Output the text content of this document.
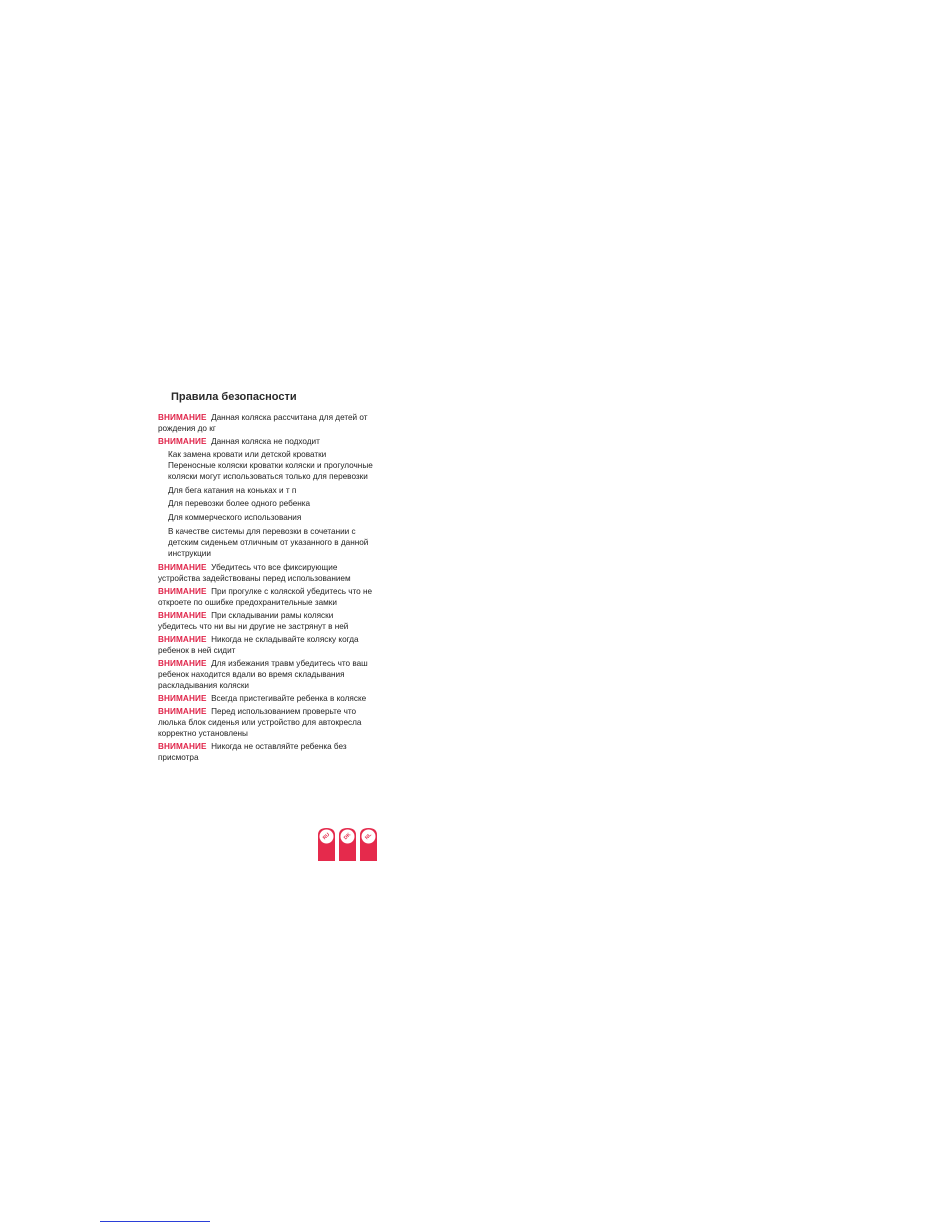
Правила безопасности

ВНИМАНИЕ Данная коляска рассчитана для детей от рождения до кг

ВНИМАНИЕ Данная коляска не подходит

Как замена кровати или детской кроватки Переносные коляски кроватки коляски и прогулочные коляски могут использоваться только для перевозки

Для бега катания на коньках и т п

Для перевозки более одного ребенка

Для коммерческого использования

В качестве системы для перевозки в сочетании с детским сиденьем отличным от указанного в данной инструкции

ВНИМАНИЕ Убедитесь что все фиксирующие устройства задействованы перед использованием

ВНИМАНИЕ При прогулке с коляской убедитесь что не откроете по ошибке предохранительные замки

ВНИМАНИЕ При складывании рамы коляски убедитесь что ни вы ни другие не застрянут в ней

ВНИМАНИЕ Никогда не складывайте коляску когда ребенок в ней сидит

ВНИМАНИЕ Для избежания травм убедитесь что ваш ребенок находится вдали во время складывания раскладывания коляски

ВНИМАНИЕ Всегда пристегивайте ребенка в коляске

ВНИМАНИЕ Перед использованием проверьте что люлька блок сиденья или устройство для автокресла корректно установлены

ВНИМАНИЕ Никогда не оставляйте ребенка без присмотра

RU DK NL
